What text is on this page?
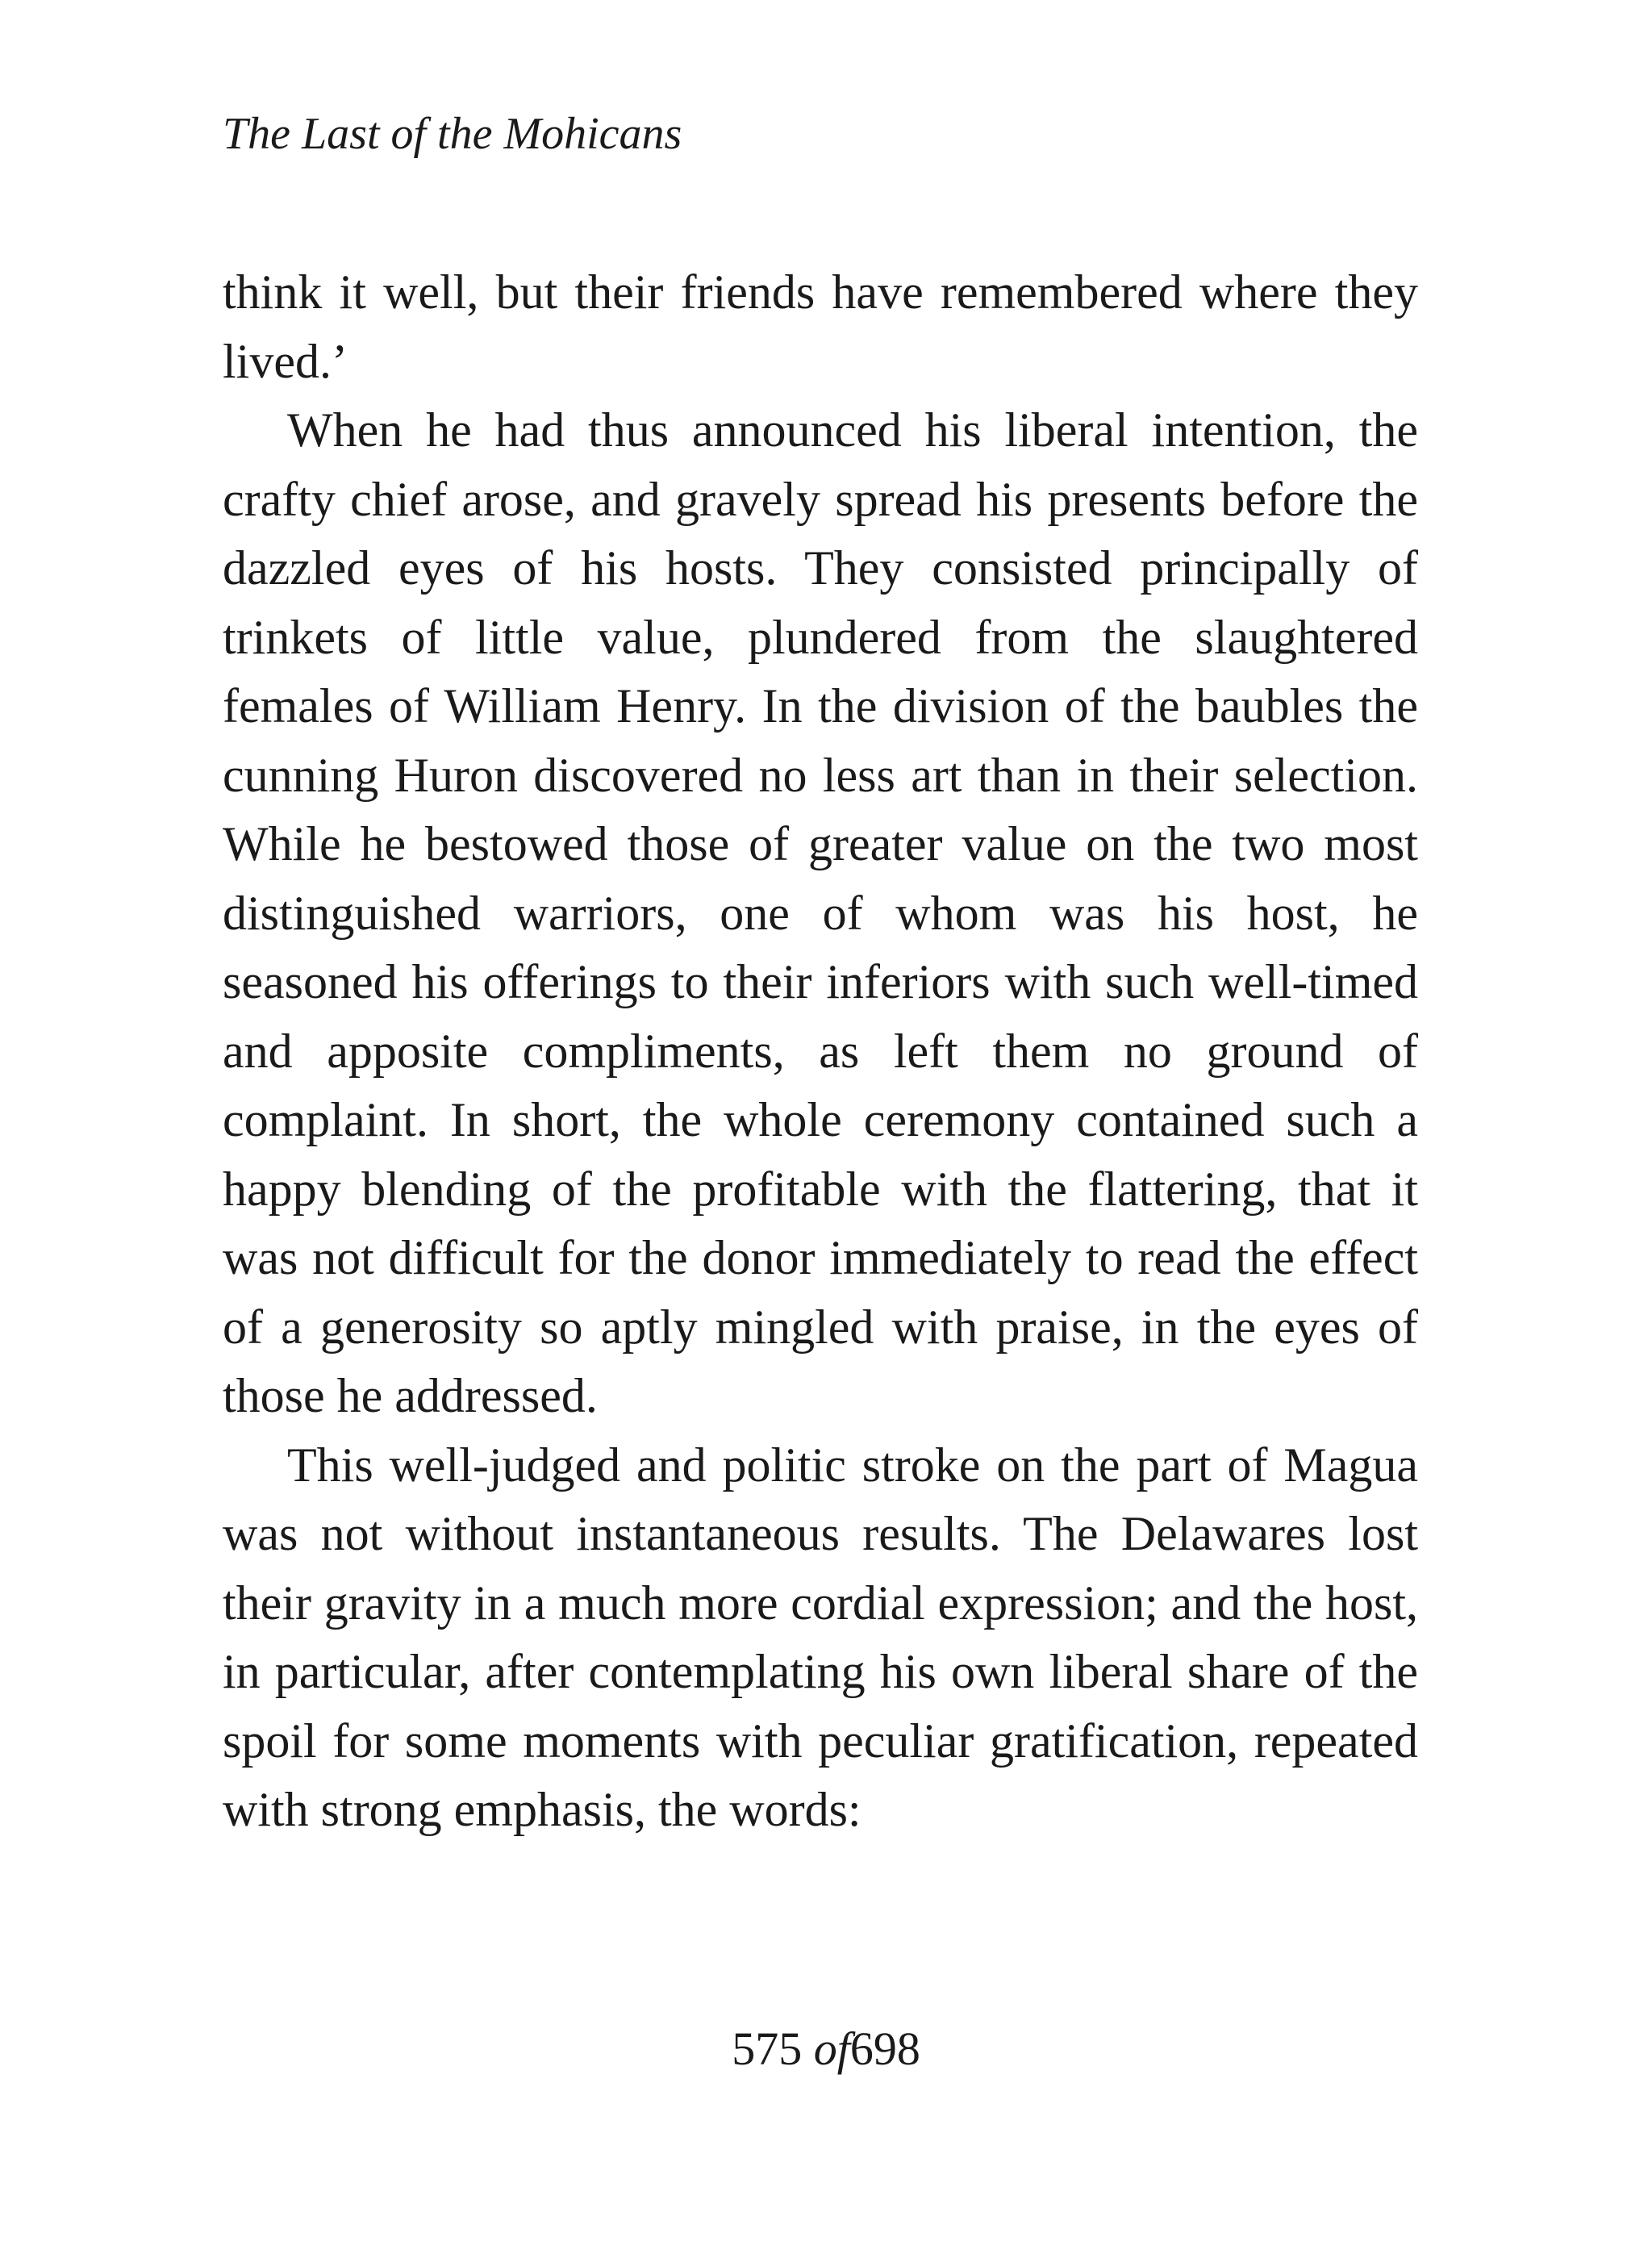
The Last of the Mohicans

think it well, but their friends have remembered where they lived.’

When he had thus announced his liberal intention, the crafty chief arose, and gravely spread his presents before the dazzled eyes of his hosts. They consisted principally of trinkets of little value, plundered from the slaughtered females of William Henry. In the division of the baubles the cunning Huron discovered no less art than in their selection. While he bestowed those of greater value on the two most distinguished warriors, one of whom was his host, he seasoned his offerings to their inferiors with such well-timed and apposite compliments, as left them no ground of complaint. In short, the whole ceremony contained such a happy blending of the profitable with the flattering, that it was not difficult for the donor immediately to read the effect of a generosity so aptly mingled with praise, in the eyes of those he addressed.

This well-judged and politic stroke on the part of Magua was not without instantaneous results. The Delawares lost their gravity in a much more cordial expression; and the host, in particular, after contemplating his own liberal share of the spoil for some moments with peculiar gratification, repeated with strong emphasis, the words:

575 of698
